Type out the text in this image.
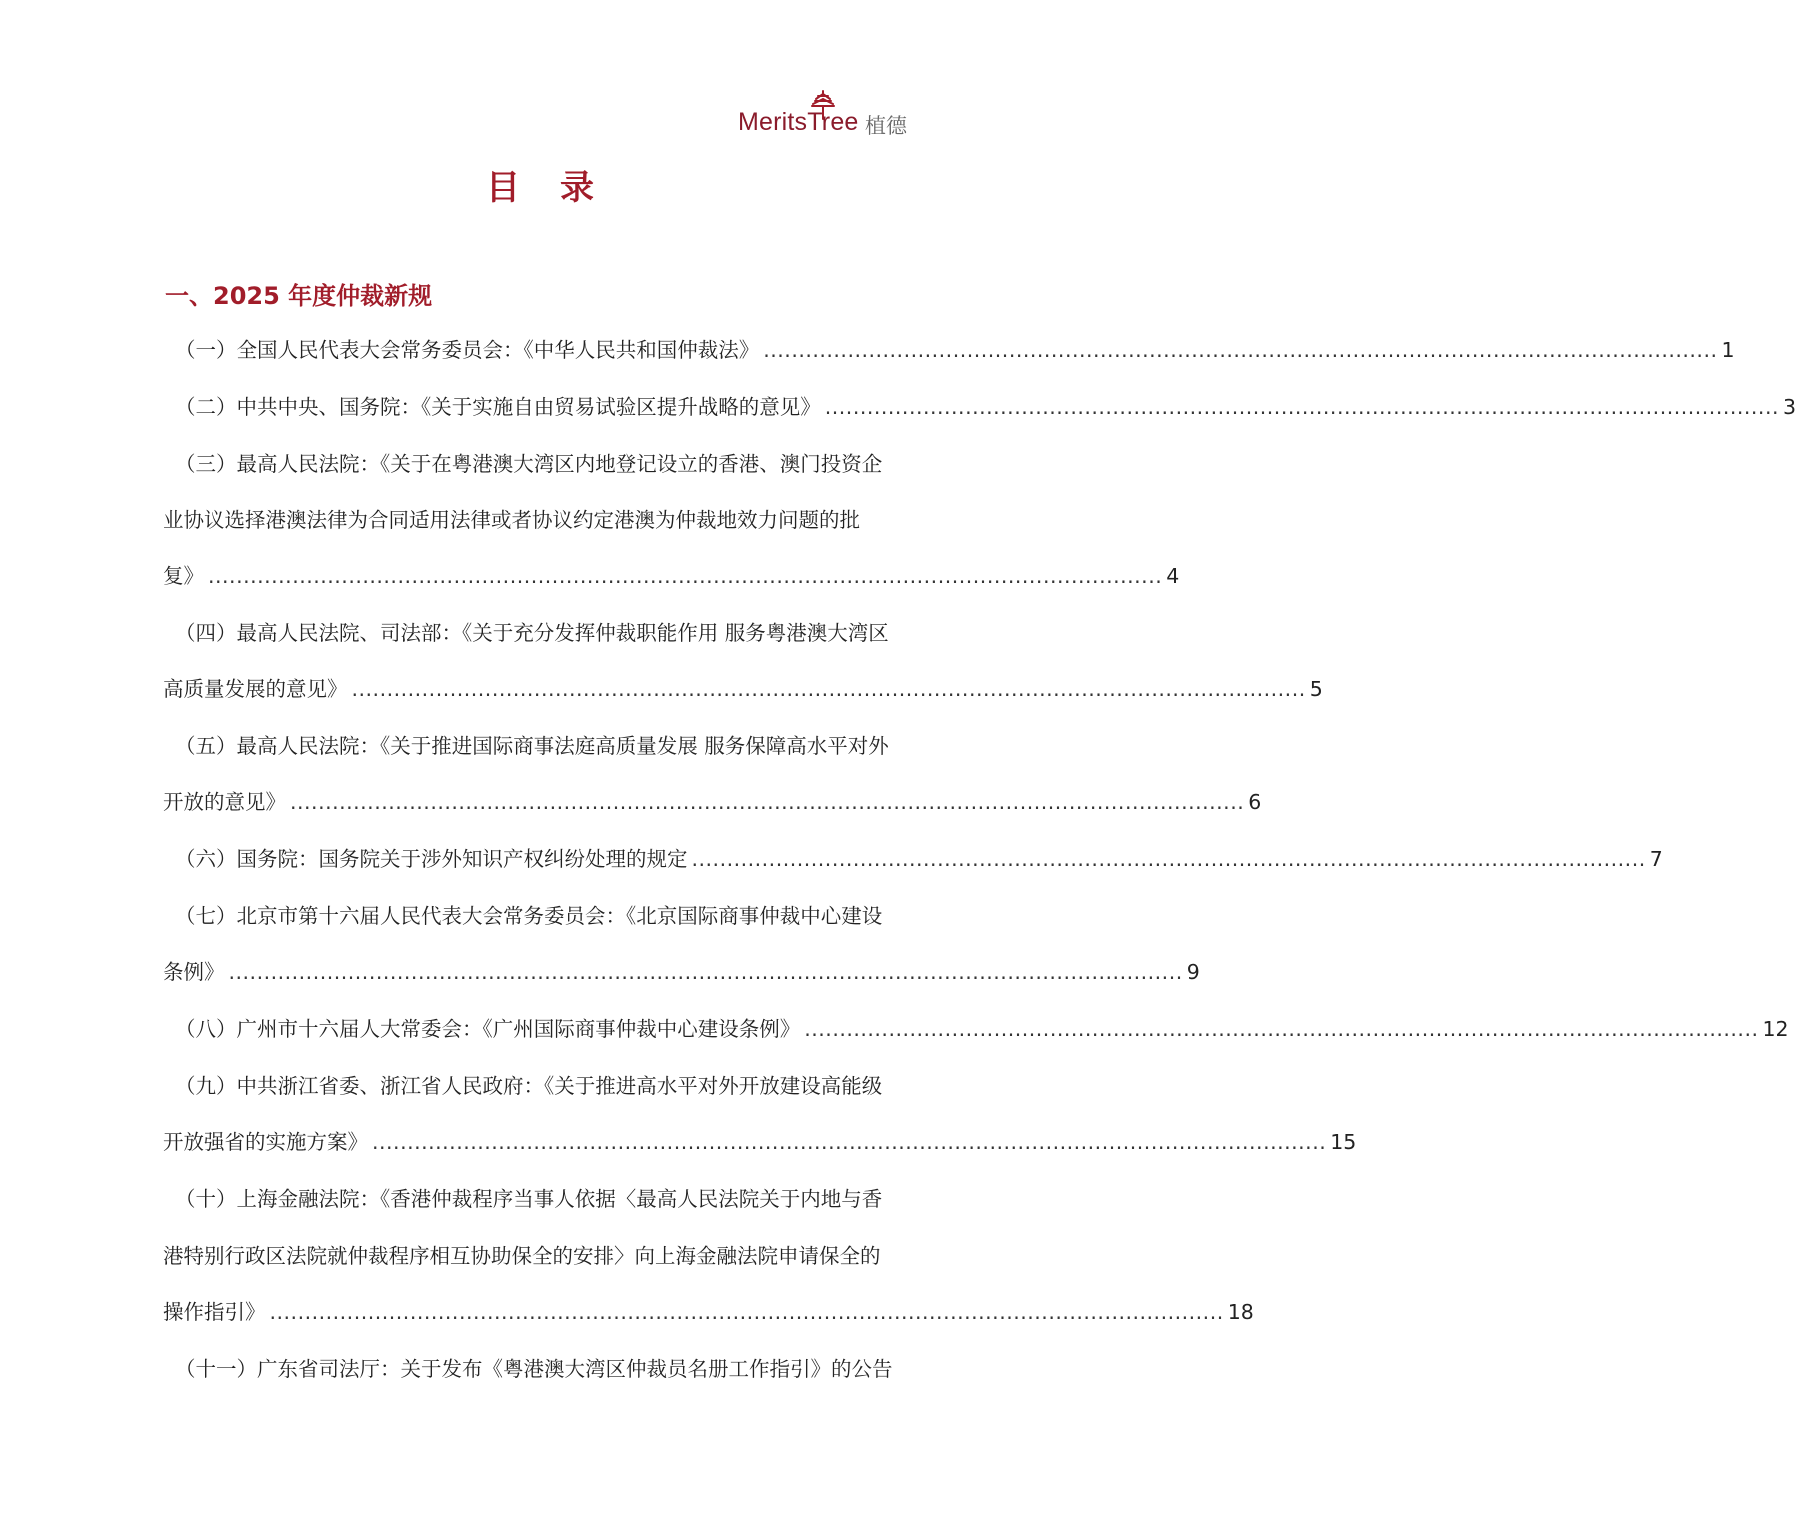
MeritsTree 植德
目录
一、2025 年度仲裁新规
（一）全国人民代表大会常务委员会：《中华人民共和国仲裁法》 ........................................................................................................................................ 1
（二）中共中央、国务院：《关于实施自由贸易试验区提升战略的意见》 ........................................................................................................................................ 3
（三）最高人民法院：《关于在粤港澳大湾区内地登记设立的香港、澳门投资企
业协议选择港澳法律为合同适用法律或者协议约定港澳为仲裁地效力问题的批
复》 ........................................................................................................................................ 4
（四）最高人民法院、司法部：《关于充分发挥仲裁职能作用 服务粤港澳大湾区
高质量发展的意见》 ........................................................................................................................................ 5
（五）最高人民法院：《关于推进国际商事法庭高质量发展 服务保障高水平对外
开放的意见》 ........................................................................................................................................ 6
（六）国务院：国务院关于涉外知识产权纠纷处理的规定 ........................................................................................................................................ 7
（七）北京市第十六届人民代表大会常务委员会：《北京国际商事仲裁中心建设
条例》 ........................................................................................................................................ 9
（八）广州市十六届人大常委会：《广州国际商事仲裁中心建设条例》 ........................................................................................................................................ 12
（九）中共浙江省委、浙江省人民政府：《关于推进高水平对外开放建设高能级
开放强省的实施方案》 ........................................................................................................................................ 15
（十）上海金融法院：《香港仲裁程序当事人依据〈最高人民法院关于内地与香
港特别行政区法院就仲裁程序相互协助保全的安排〉向上海金融法院申请保全的
操作指引》 ........................................................................................................................................ 18
（十一）广东省司法厅：关于发布《粤港澳大湾区仲裁员名册工作指引》的公告
